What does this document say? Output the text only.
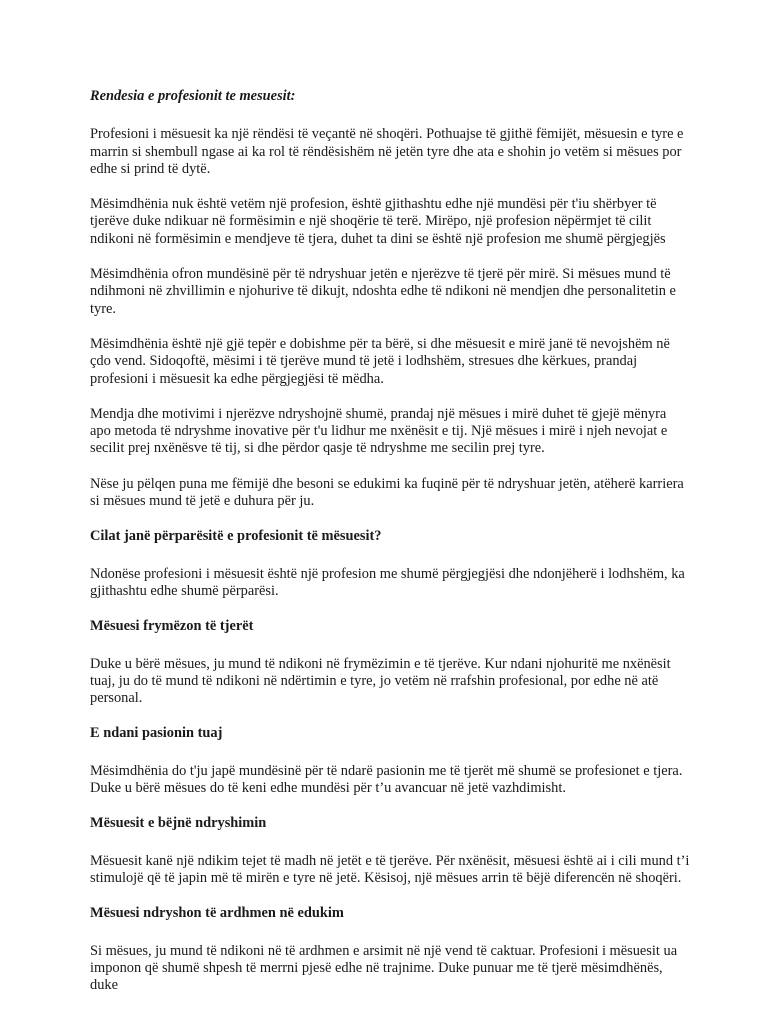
Rendesia e profesionit te mesuesit:

Profesioni i mësuesit ka një rëndësi të veçantë në shoqëri. Pothuajse të gjithë fëmijët, mësuesin e tyre e marrin si shembull ngase ai ka rol të rëndësishëm në jetën tyre dhe ata e shohin jo vetëm si mësues por edhe si prind të dytë.

Mësimdhënia nuk është vetëm një profesion, është gjithashtu edhe një mundësi për t'iu shërbyer të tjerëve duke ndikuar në formësimin e një shoqërie të terë. Mirëpo, një profesion nëpërmjet të cilit ndikoni në formësimin e mendjeve të tjera, duhet ta dini se është një profesion me shumë përgjegjës

Mësimdhënia ofron mundësinë për të ndryshuar jetën e njerëzve të tjerë për mirë. Si mësues mund të ndihmoni në zhvillimin e njohurive të dikujt, ndoshta edhe të ndikoni në mendjen dhe personalitetin e tyre.

Mësimdhënia është një gjë tepër e dobishme për ta bërë, si dhe mësuesit e mirë janë të nevojshëm në çdo vend. Sidoqoftë, mësimi i të tjerëve mund të jetë i lodhshëm, stresues dhe kërkues, prandaj profesioni i mësuesit ka edhe përgjegjësi të mëdha.

Mendja dhe motivimi i njerëzve ndryshojnë shumë, prandaj një mësues i mirë duhet të gjejë mënyra apo metoda të ndryshme inovative për t'u lidhur me nxënësit e tij. Një mësues i mirë i njeh nevojat e secilit prej nxënësve të tij, si dhe përdor qasje të ndryshme me secilin prej tyre.

Nëse ju pëlqen puna me fëmijë dhe besoni se edukimi ka fuqinë për të ndryshuar jetën, atëherë karriera si mësues mund të jetë e duhura për ju.

Cilat janë përparësitë e profesionit të mësuesit?

Ndonëse profesioni i mësuesit është një profesion me shumë përgjegjësi dhe ndonjëherë i lodhshëm, ka gjithashtu edhe shumë përparësi.

Mësuesi frymëzon të tjerët

Duke u bërë mësues, ju mund të ndikoni në frymëzimin e të tjerëve. Kur ndani njohuritë me nxënësit tuaj, ju do të mund të ndikoni në ndërtimin e tyre, jo vetëm në rrafshin profesional, por edhe në atë personal.

E ndani pasionin tuaj

Mësimdhënia do t'ju japë mundësinë për të ndarë pasionin me të tjerët më shumë se profesionet e tjera. Duke u bërë mësues do të keni edhe mundësi për t’u avancuar në jetë vazhdimisht.

Mësuesit e bëjnë ndryshimin

Mësuesit kanë një ndikim tejet të madh në jetët e të tjerëve. Për nxënësit, mësuesi është ai i cili mund t’i stimulojë që të japin më të mirën e tyre në jetë. Kësisoj, një mësues arrin të bëjë diferencën në shoqëri.

Mësuesi ndryshon të ardhmen në edukim

Si mësues, ju mund të ndikoni në të ardhmen e arsimit në një vend të caktuar. Profesioni i mësuesit ua imponon që shumë shpesh të merrni pjesë edhe në trajnime. Duke punuar me të tjerë mësimdhënës, duke
